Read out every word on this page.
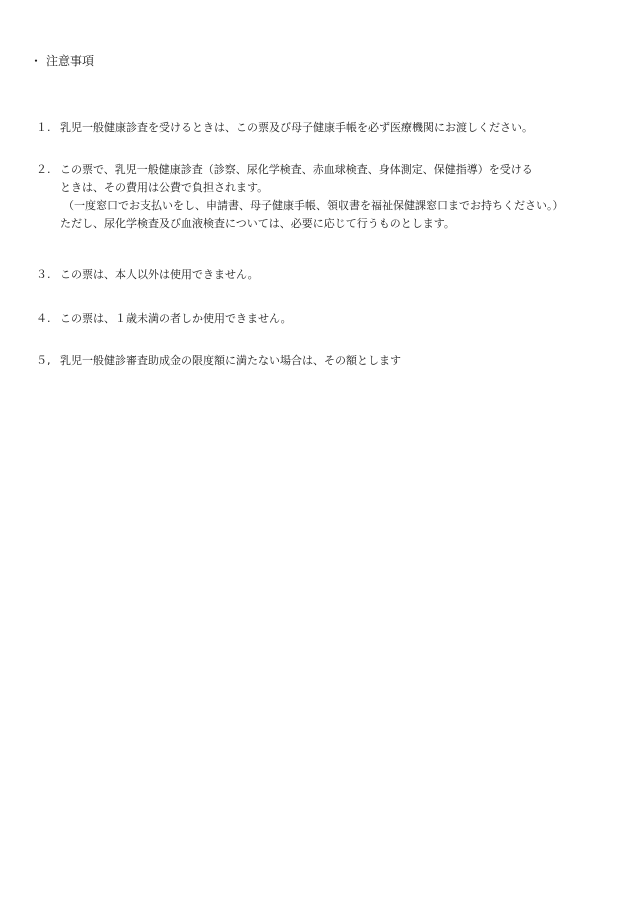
・ 注意事項
１. 乳児一般健康診査を受けるときは、この票及び母子健康手帳を必ず医療機関にお渡しください。
２. この票で、乳児一般健康診査（診察、尿化学検査、赤血球検査、身体測定、保健指導）を受ける
ときは、その費用は公費で負担されます。
（一度窓口でお支払いをし、申請書、母子健康手帳、領収書を福祉保健課窓口までお持ちください。）
ただし、尿化学検査及び血液検査については、必要に応じて行うものとします。
３. この票は、本人以外は使用できません。
４. この票は、１歳未満の者しか使用できません。
５, 乳児一般健診審査助成金の限度額に満たない場合は、その額とします
